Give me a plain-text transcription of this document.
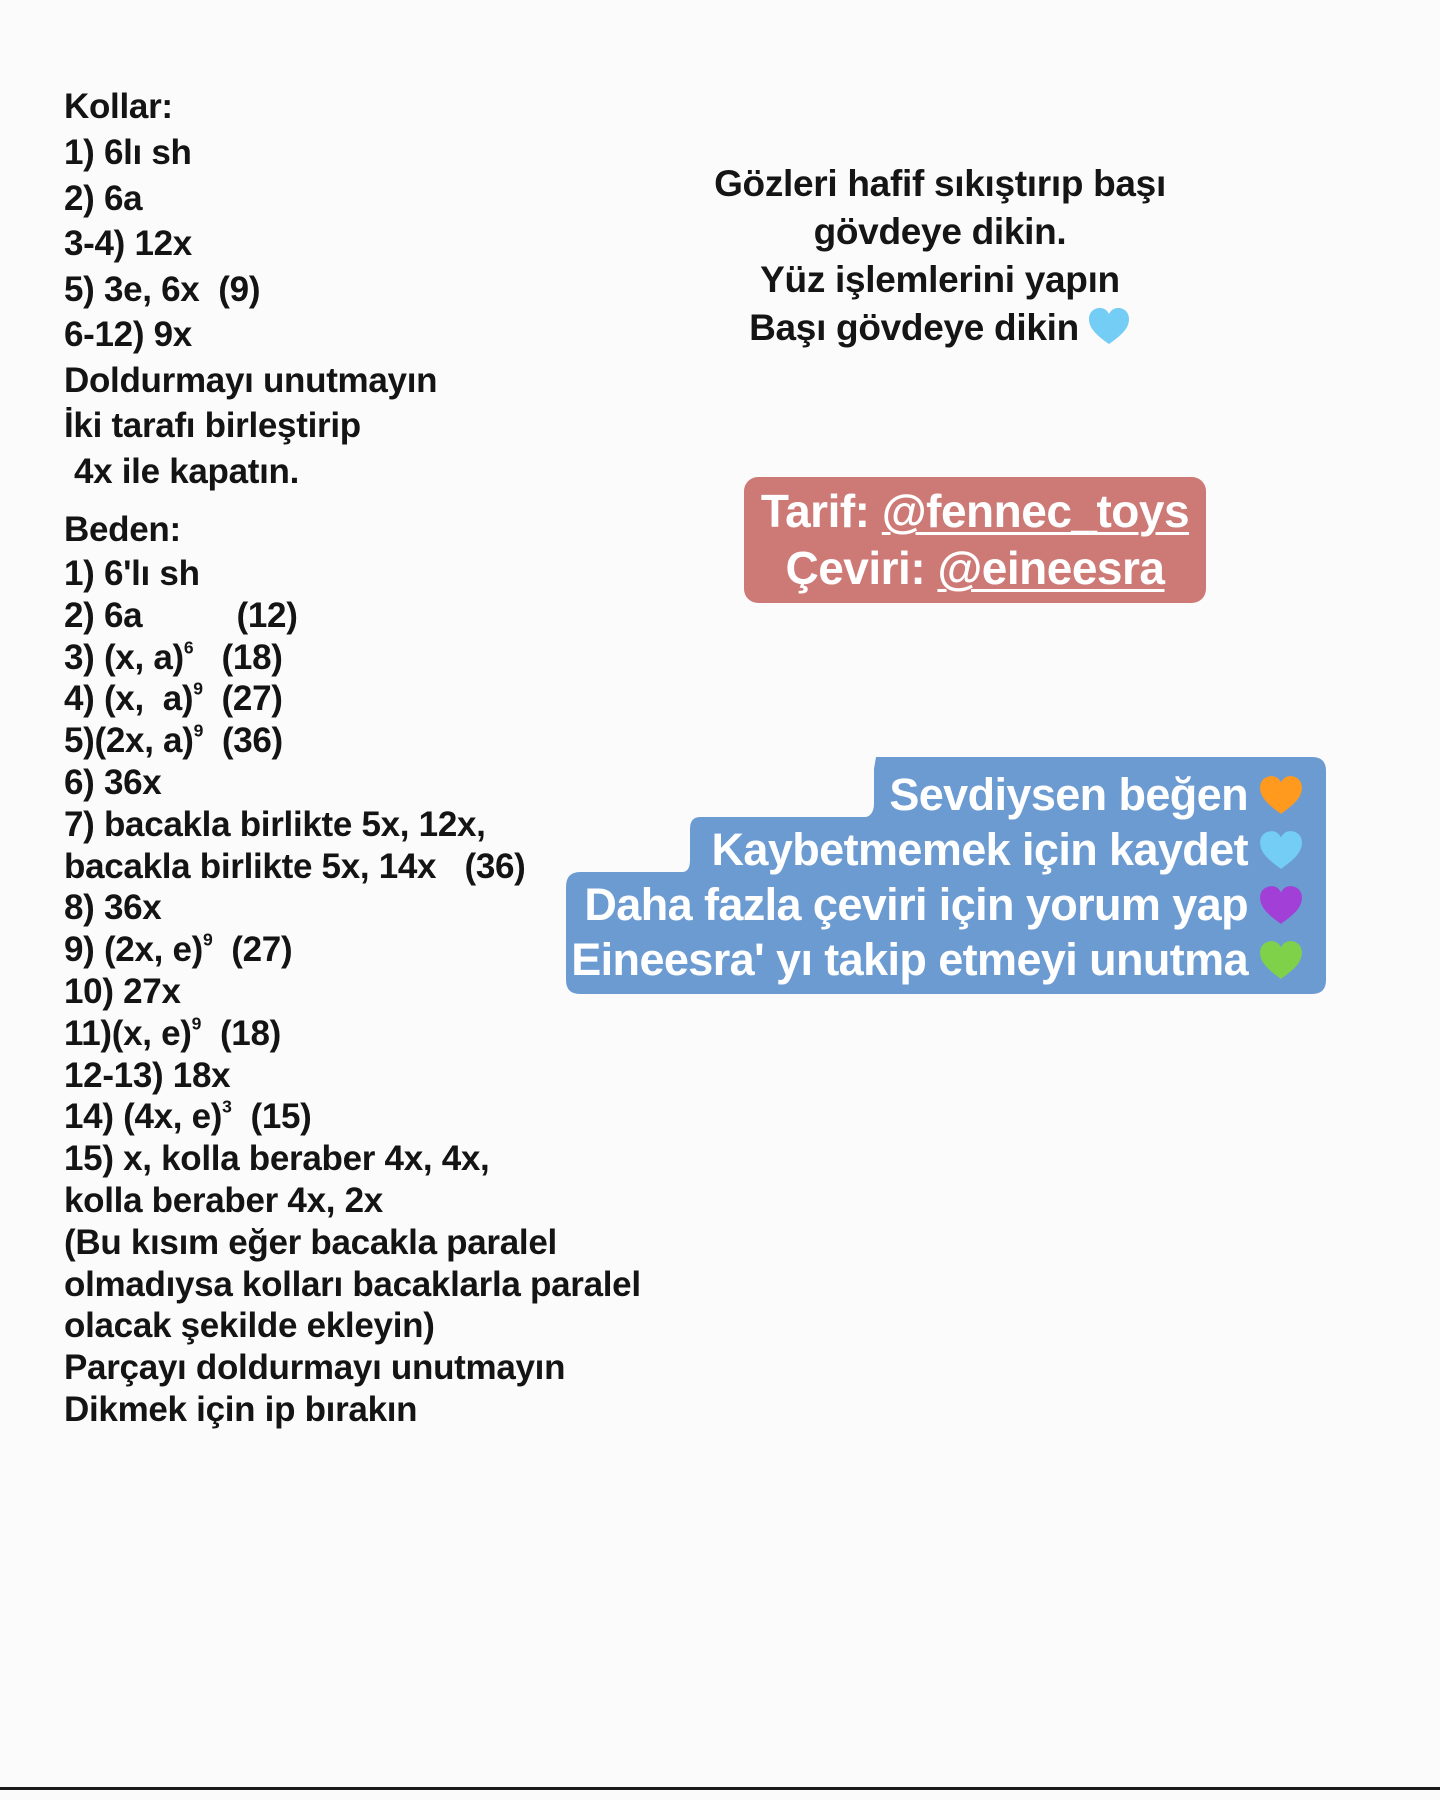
Kollar:
1) 6lı sh
2) 6a
3-4) 12x
5) 3e, 6x  (9)
6-12) 9x
Doldurmayı unutmayın
İki tarafı birleştirip
4x ile kapatın.
Beden:
1) 6'lı sh
2) 6a          (12)
3) (x, a)$^6$   (18)
4) (x,  a)$^9$  (27)
5)(2x, a)$^9$  (36)
6) 36x
7) bacakla birlikte 5x, 12x,
bacakla birlikte 5x, 14x   (36)
8) 36x
9) (2x, e)$^9$  (27)
10) 27x
11)(x, e)$^9$  (18)
12-13) 18x
14) (4x, e)$^3$  (15)
15) x, kolla beraber 4x, 4x,
kolla beraber 4x, 2x
(Bu kısım eğer bacakla paralel
olmadıysa kolları bacaklarla paralel
olacak şekilde ekleyin)
Parçayı doldurmayı unutmayın
Dikmek için ip bırakın
Gözleri hafif sıkıştırıp başı
gövdeye dikin.
Yüz işlemlerini yapın
Başı gövdeye dikin
Tarif: @fennec_toys
Çeviri: @eineesra
Sevdiysen beğen
Kaybetmemek için kaydet
Daha fazla çeviri için yorum yap
Eineesra' yı takip etmeyi unutma
